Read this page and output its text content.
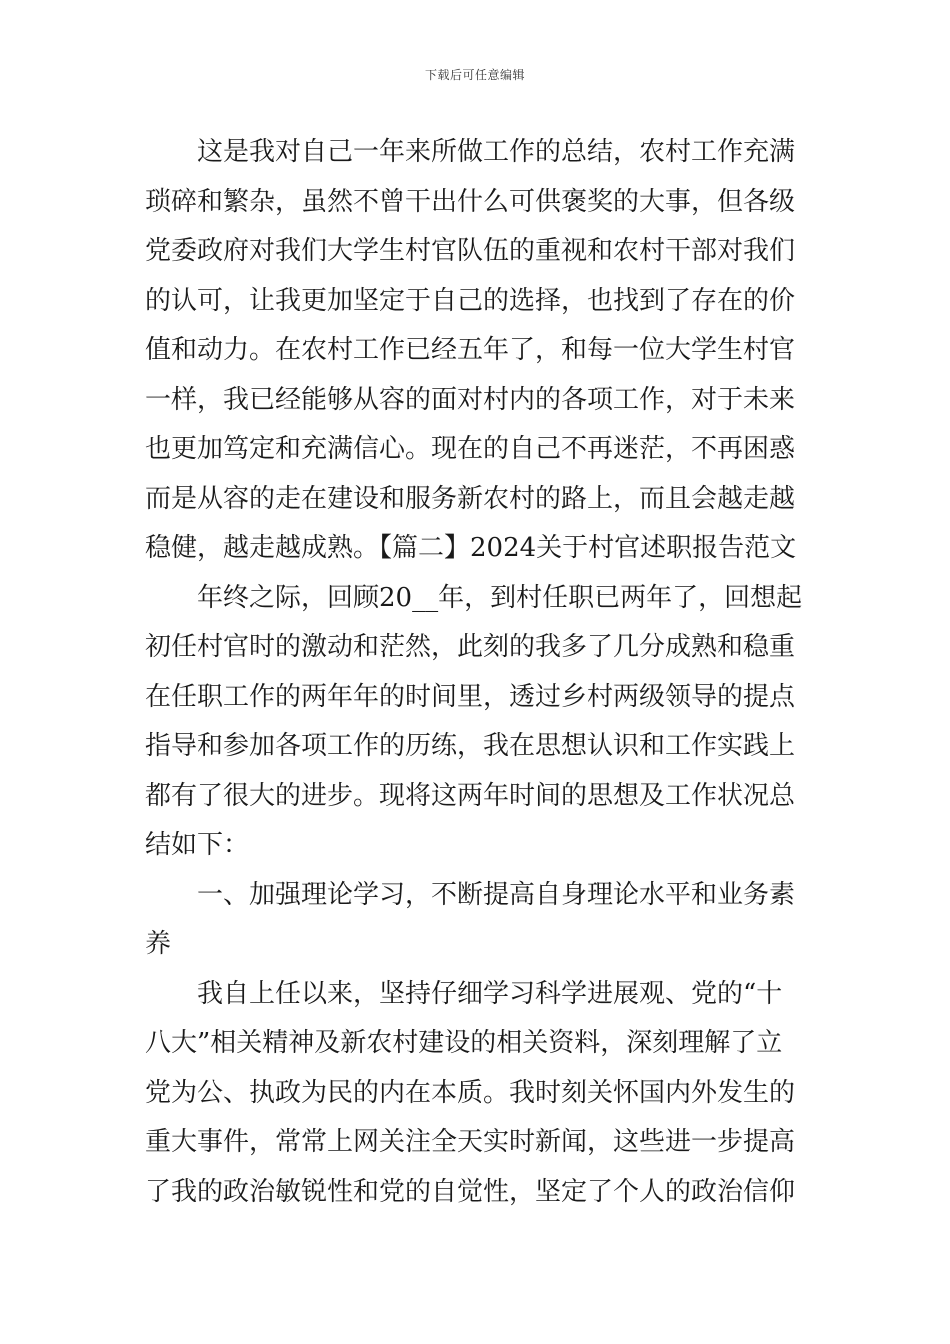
下载后可任意编辑
这是我对自己一年来所做工作的总结，农村工作充满
琐碎和繁杂，虽然不曾干出什么可供褒奖的大事，但各级
党委政府对我们大学生村官队伍的重视和农村干部对我们
的认可，让我更加坚定于自己的选择，也找到了存在的价
值和动力。在农村工作已经五年了，和每一位大学生村官
一样，我已经能够从容的面对村内的各项工作，对于未来
也更加笃定和充满信心。现在的自己不再迷茫，不再困惑
而是从容的走在建设和服务新农村的路上，而且会越走越
稳健，越走越成熟。【篇二】2024关于村官述职报告范文
年终之际，回顾20__年，到村任职已两年了，回想起
初任村官时的激动和茫然，此刻的我多了几分成熟和稳重
在任职工作的两年年的时间里，透过乡村两级领导的提点
指导和参加各项工作的历练，我在思想认识和工作实践上
都有了很大的进步。现将这两年时间的思想及工作状况总
结如下：
一、加强理论学习，不断提高自身理论水平和业务素
养
我自上任以来，坚持仔细学习科学进展观、党的“十
八大”相关精神及新农村建设的相关资料，深刻理解了立
党为公、执政为民的内在本质。我时刻关怀国内外发生的
重大事件，常常上网关注全天实时新闻，这些进一步提高
了我的政治敏锐性和党的自觉性，坚定了个人的政治信仰
